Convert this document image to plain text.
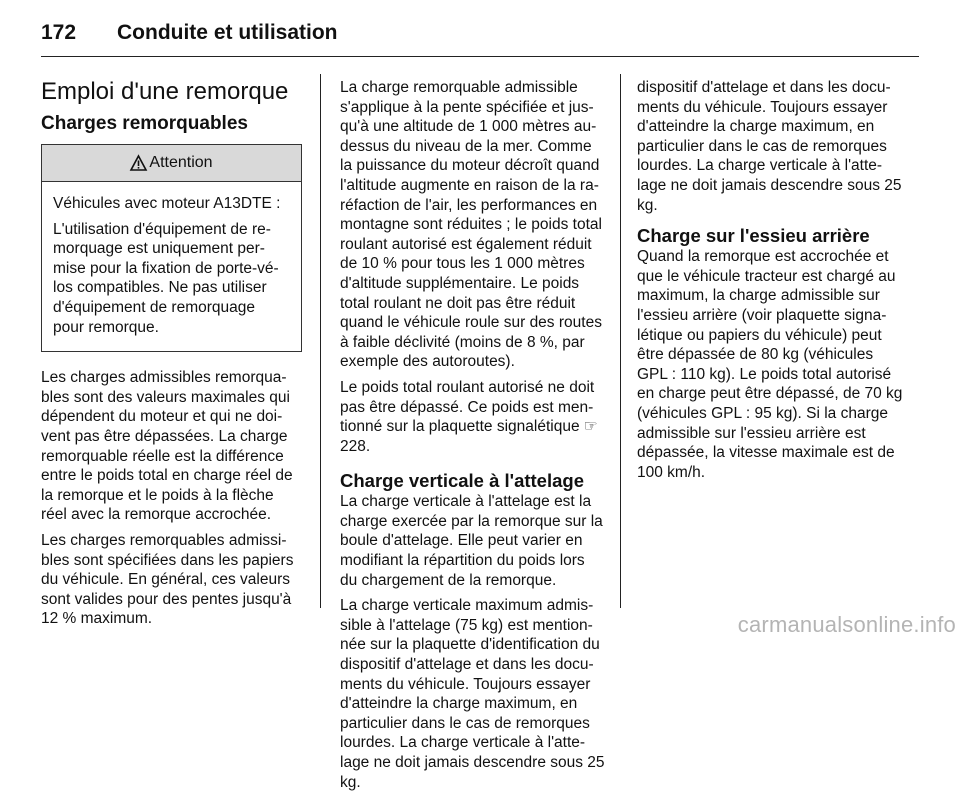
172 Conduite et utilisation
Emploi d'une remorque
Charges remorquables
Attention

Véhicules avec moteur A13DTE :

L'utilisation d'équipement de re-morquage est uniquement per-mise pour la fixation de porte-vé-los compatibles. Ne pas utiliser d'équipement de remorquage pour remorque.

Les charges admissibles remorqua-bles sont des valeurs maximales qui dépendent du moteur et qui ne doi-vent pas être dépassées. La charge remorquable réelle est la différence entre le poids total en charge réel de la remorque et le poids à la flèche réel avec la remorque accrochée.

Les charges remorquables admissi-bles sont spécifiées dans les papiers du véhicule. En général, ces valeurs sont valides pour des pentes jusqu'à 12 % maximum.

La charge remorquable admissible s'applique à la pente spécifiée et jus-qu'à une altitude de 1 000 mètres au-dessus du niveau de la mer. Comme la puissance du moteur décroît quand l'altitude augmente en raison de la ra-réfaction de l'air, les performances en montagne sont réduites ; le poids total roulant autorisé est également réduit de 10 % pour tous les 1 000 mètres d'altitude supplémentaire. Le poids total roulant ne doit pas être réduit quand le véhicule roule sur des routes à faible déclivité (moins de 8 %, par exemple des autoroutes).

Le poids total roulant autorisé ne doit pas être dépassé. Ce poids est men-tionné sur la plaquette signalétique ☞ 228.

Charge verticale à l'attelage

La charge verticale à l'attelage est la charge exercée par la remorque sur la boule d'attelage. Elle peut varier en modifiant la répartition du poids lors du chargement de la remorque.

La charge verticale maximum admis-sible à l'attelage (75 kg) est mention-née sur la plaquette d'identification du dispositif d'attelage et dans les docu-ments du véhicule. Toujours essayer d'atteindre la charge maximum, en particulier dans le cas de remorques lourdes. La charge verticale à l'atte-lage ne doit jamais descendre sous 25 kg.

dispositif d'attelage et dans les docu-ments du véhicule. Toujours essayer d'atteindre la charge maximum, en particulier dans le cas de remorques lourdes. La charge verticale à l'atte-lage ne doit jamais descendre sous 25 kg.

Charge sur l'essieu arrière

Quand la remorque est accrochée et que le véhicule tracteur est chargé au maximum, la charge admissible sur l'essieu arrière (voir plaquette signa-létique ou papiers du véhicule) peut être dépassée de 80 kg (véhicules GPL : 110 kg). Le poids total autorisé en charge peut être dépassé, de 70 kg (véhicules GPL : 95 kg). Si la charge admissible sur l'essieu arrière est dépassée, la vitesse maximale est de 100 km/h.

carmanualsonline.info
